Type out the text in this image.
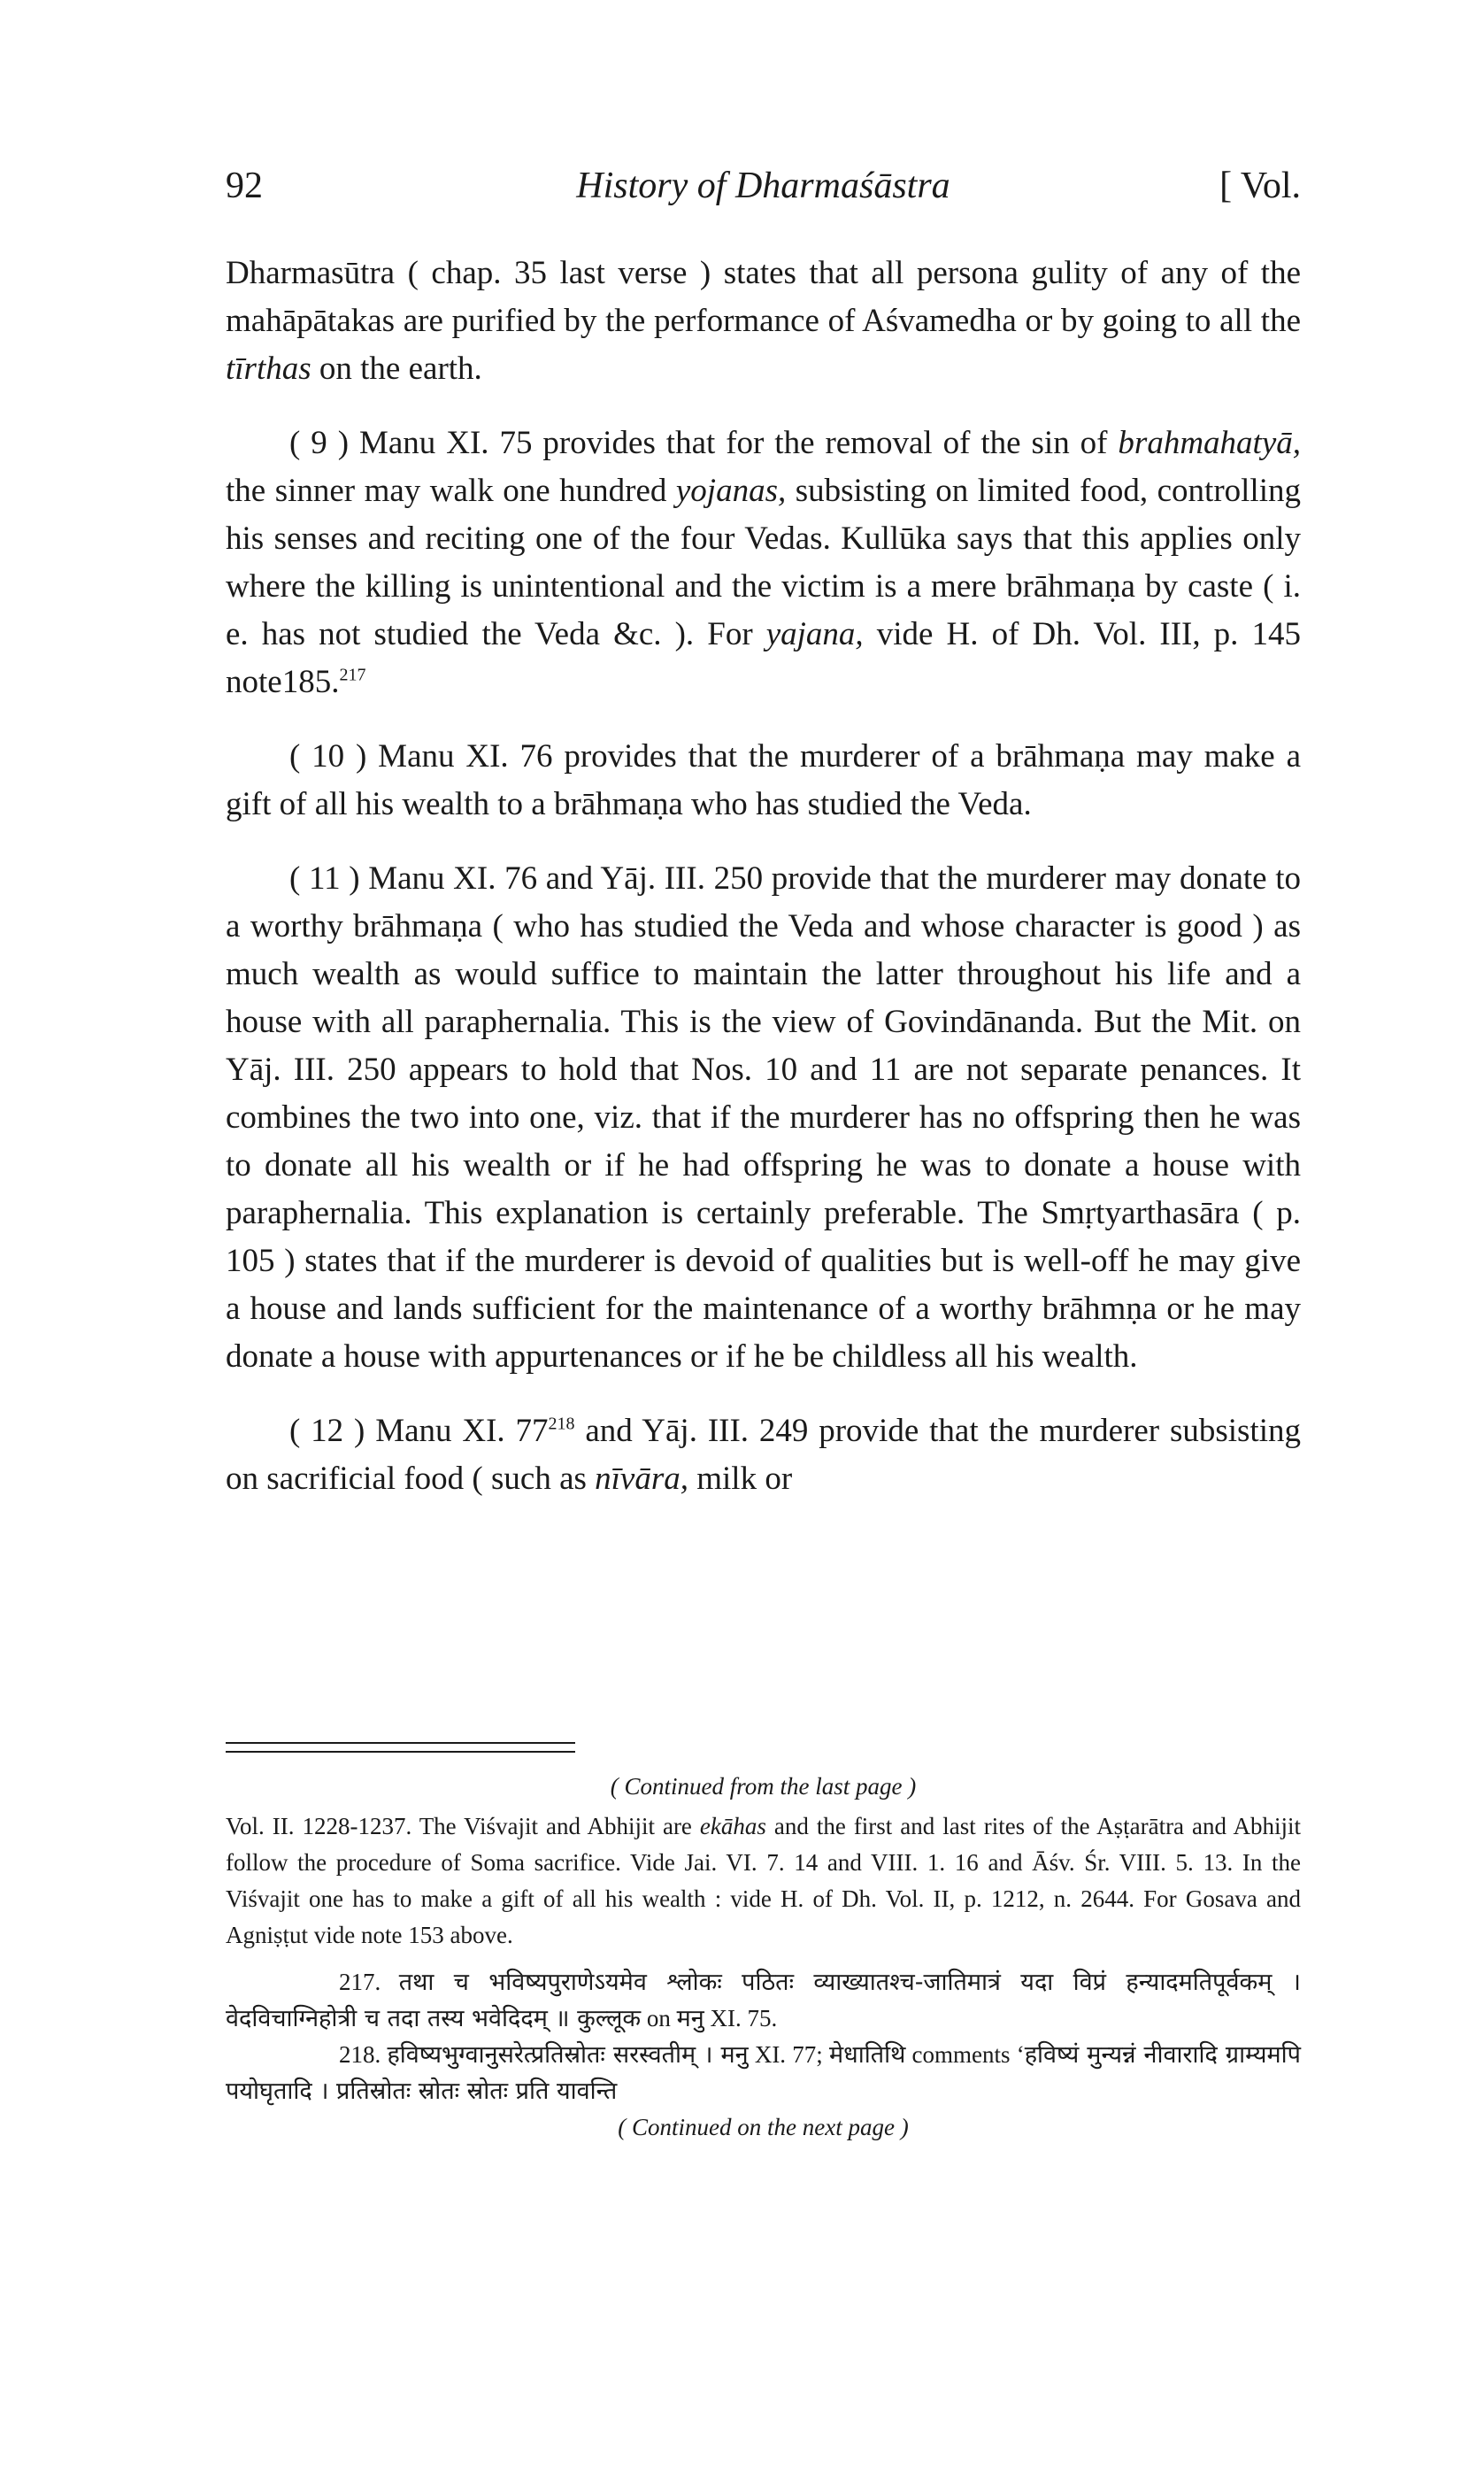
92	History of Dharmaśāstra	[ Vol.

Dharmasūtra ( chap. 35 last verse ) states that all persona gulity of any of the mahāpātakas are purified by the performance of Aśvamedha or by going to all the tīrthas on the earth.

( 9 ) Manu XI. 75 provides that for the removal of the sin of brahmahatyā, the sinner may walk one hundred yojanas, subsisting on limited food, controlling his senses and reciting one of the four Vedas. Kullūka says that this applies only where the killing is unintentional and the victim is a mere brāhmaṇa by caste ( i. e. has not studied the Veda &c. ). For yajana, vide H. of Dh. Vol. III, p. 145 note185.$^{217}$

( 10 ) Manu XI. 76 provides that the murderer of a brāhmaṇa may make a gift of all his wealth to a brāhmaṇa who has studied the Veda.

( 11 ) Manu XI. 76 and Yāj. III. 250 provide that the murderer may donate to a worthy brāhmaṇa ( who has studied the Veda and whose character is good ) as much wealth as would suffice to maintain the latter throughout his life and a house with all paraphernalia. This is the view of Govindānanda. But the Mit. on Yāj. III. 250 appears to hold that Nos. 10 and 11 are not separate penances. It combines the two into one, viz. that if the murderer has no offspring then he was to donate all his wealth or if he had offspring he was to donate a house with paraphernalia. This explanation is certainly preferable. The Smṛtyarthasāra ( p. 105 ) states that if the murderer is devoid of qualities but is well-off he may give a house and lands sufficient for the maintenance of a worthy brāhmṇa or he may donate a house with appurtenances or if he be childless all his wealth.

( 12 ) Manu XI. $77^{218}$ and Yāj. III. 249 provide that the murderer subsisting on sacrificial food ( such as nīvāra, milk or

( Continued from the last page )

Vol. II. 1228-1237. The Viśvajit and Abhijit are ekāhas and the first and last rites of the Aṣṭarātra and Abhijit follow the procedure of Soma sacrifice. Vide Jai. VI. 7. 14 and VIII. 1. 16 and Āśv. Śr. VIII. 5. 13. In the Viśvajit one has to make a gift of all his wealth : vide H. of Dh. Vol. II, p. 1212, n. 2644. For Gosava and Agniṣṭut vide note 153 above.

217. तथा च भविष्यपुराणेऽयमेव श्लोकः पठितः व्याख्यातश्च-जातिमात्रं यदा विप्रं हन्यादमतिपूर्वकम् । वेदविचाग्निहोत्री च तदा तस्य भवेदिदम् ॥ कुल्लूक on मनु XI. 75.

218. हविष्यभुग्वानुसरेत्प्रतिस्रोतः सरस्वतीम् । मनु XI. 77; मेधातिथि comments ‘हविष्यं मुन्यन्नं नीवारादि ग्राम्यमपि पयोघृतादि । प्रतिस्रोतः स्रोतः स्रोतः प्रति यावन्ति

( Continued on the next page )
